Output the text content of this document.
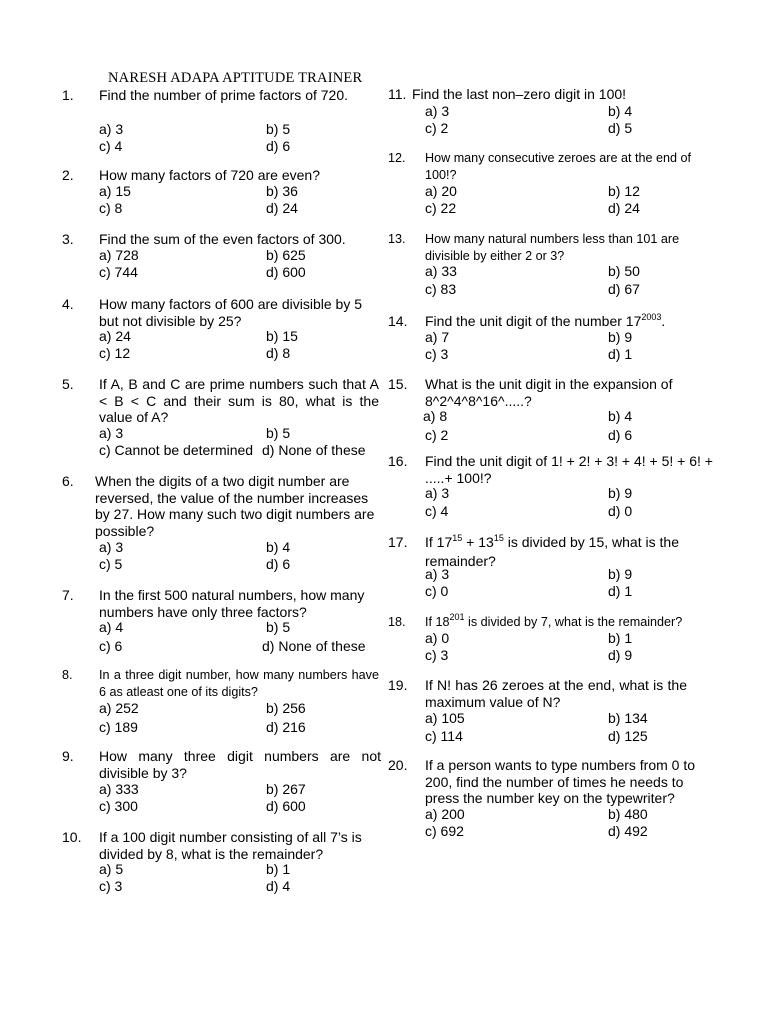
NARESH ADAPA APTITUDE TRAINER
1. Find the number of prime factors of 720.
a) 3	b) 5
c) 4	d) 6
2. How many factors of 720 are even?
a) 15	b) 36
c) 8	d) 24
3. Find the sum of the even factors of 300.
a) 728	b) 625
c) 744	d) 600
4. How many factors of 600 are divisible by 5 but not divisible by 25?
a) 24	b) 15
c) 12	d) 8
5. If A, B and C are prime numbers such that A < B < C and their sum is 80, what is the value of A?
a) 3	b) 5
c) Cannot be determined d) None of these
6. When the digits of a two digit number are reversed, the value of the number increases by 27. How many such two digit numbers are possible?
a) 3	b) 4
c) 5	d) 6
7. In the first 500 natural numbers, how many numbers have only three factors?
a) 4	b) 5
c) 6	d) None of these
8. In a three digit number, how many numbers have 6 as atleast one of its digits?
a) 252	b) 256
c) 189	d) 216
9. How many three digit numbers are not divisible by 3?
a) 333	b) 267
c) 300	d) 600
10. If a 100 digit number consisting of all 7’s is divided by 8, what is the remainder?
a) 5	b) 1
c) 3	d) 4
11. Find the last non–zero digit in 100!
a) 3	b) 4
c) 2	d) 5
12. How many consecutive zeroes are at the end of 100!?
a) 20	b) 12
c) 22	d) 24
13. How many natural numbers less than 101 are divisible by either 2 or 3?
a) 33	b) 50
c) 83	d) 67
14. Find the unit digit of the number $17^{2003}$.
a) 7	b) 9
c) 3	d) 1
15. What is the unit digit in the expansion of 8^2^4^8^16^.....?
a) 8	b) 4
c) 2	d) 6
16. Find the unit digit of 1! + 2! + 3! + 4! + 5! + 6! + .....+ 100!?
a) 3	b) 9
c) 4	d) 0
17. If $17^{15} + 13^{15}$ is divided by 15, what is the remainder?
a) 3	b) 9
c) 0	d) 1
18. If $18^{201}$ is divided by 7, what is the remainder?
a) 0	b) 1
c) 3	d) 9
19. If N! has 26 zeroes at the end, what is the maximum value of N?
a) 105	b) 134
c) 114	d) 125
20. If a person wants to type numbers from 0 to 200, find the number of times he needs to press the number key on the typewriter?
a) 200	b) 480
c) 692	d) 492
